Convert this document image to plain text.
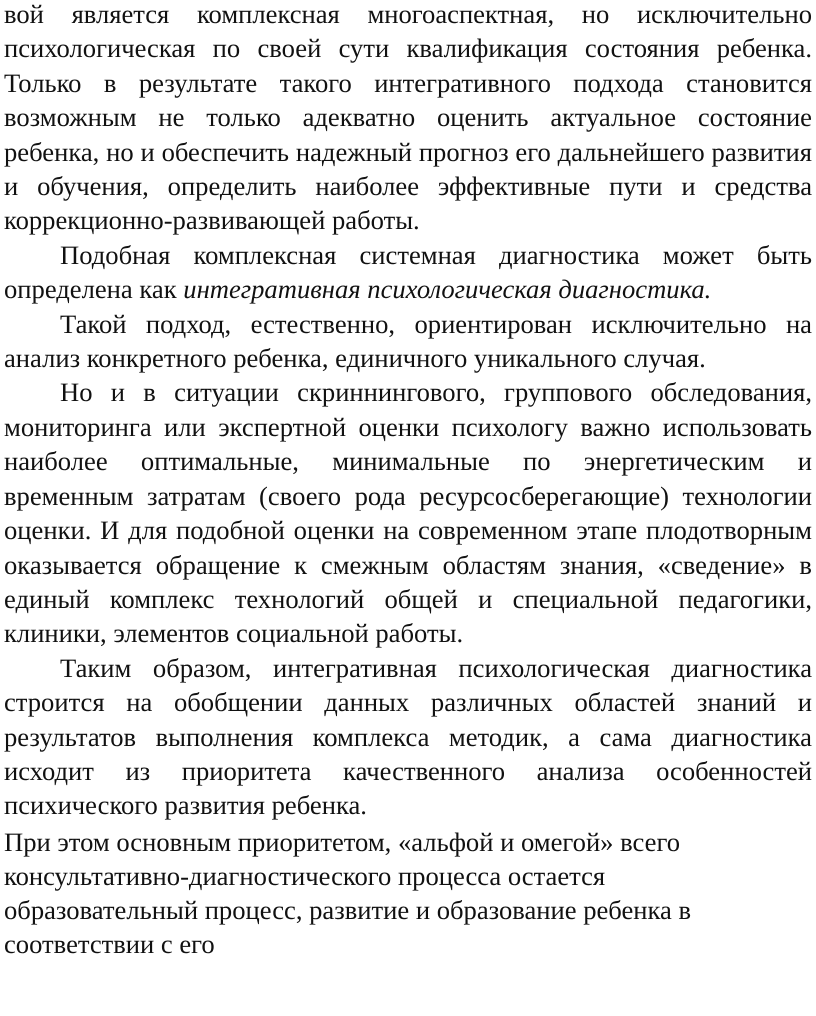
вой является комплексная многоаспектная, но исключительно психологическая по своей сути квалификация состояния ребенка. Только в результате такого интегративного подхода становится возможным не только адекватно оценить актуальное состояние ребенка, но и обеспечить надежный прогноз его дальнейшего развития и обучения, определить наиболее эффективные пути и средства коррекционно-развивающей работы.

Подобная комплексная системная диагностика может быть определена как интегративная психологическая диагностика.

Такой подход, естественно, ориентирован исключительно на анализ конкретного ребенка, единичного уникального случая.

Но и в ситуации скриннингового, группового обследования, мониторинга или экспертной оценки психологу важно использовать наиболее оптимальные, минимальные по энергетическим и временным затратам (своего рода ресурсосберегающие) технологии оценки. И для подобной оценки на современном этапе плодотворным оказывается обращение к смежным областям знания, «сведение» в единый комплекс технологий общей и специальной педагогики, клиники, элементов социальной работы.

Таким образом, интегративная психологическая диагностика строится на обобщении данных различных областей знаний и результатов выполнения комплекса методик, а сама диагностика исходит из приоритета качественного анализа особенностей психического развития ребенка.

При этом основным приоритетом, «альфой и омегой» всего
консультативно-диагностического процесса остается
образовательный процесс, развитие и образование ребенка в
соответствии с его
